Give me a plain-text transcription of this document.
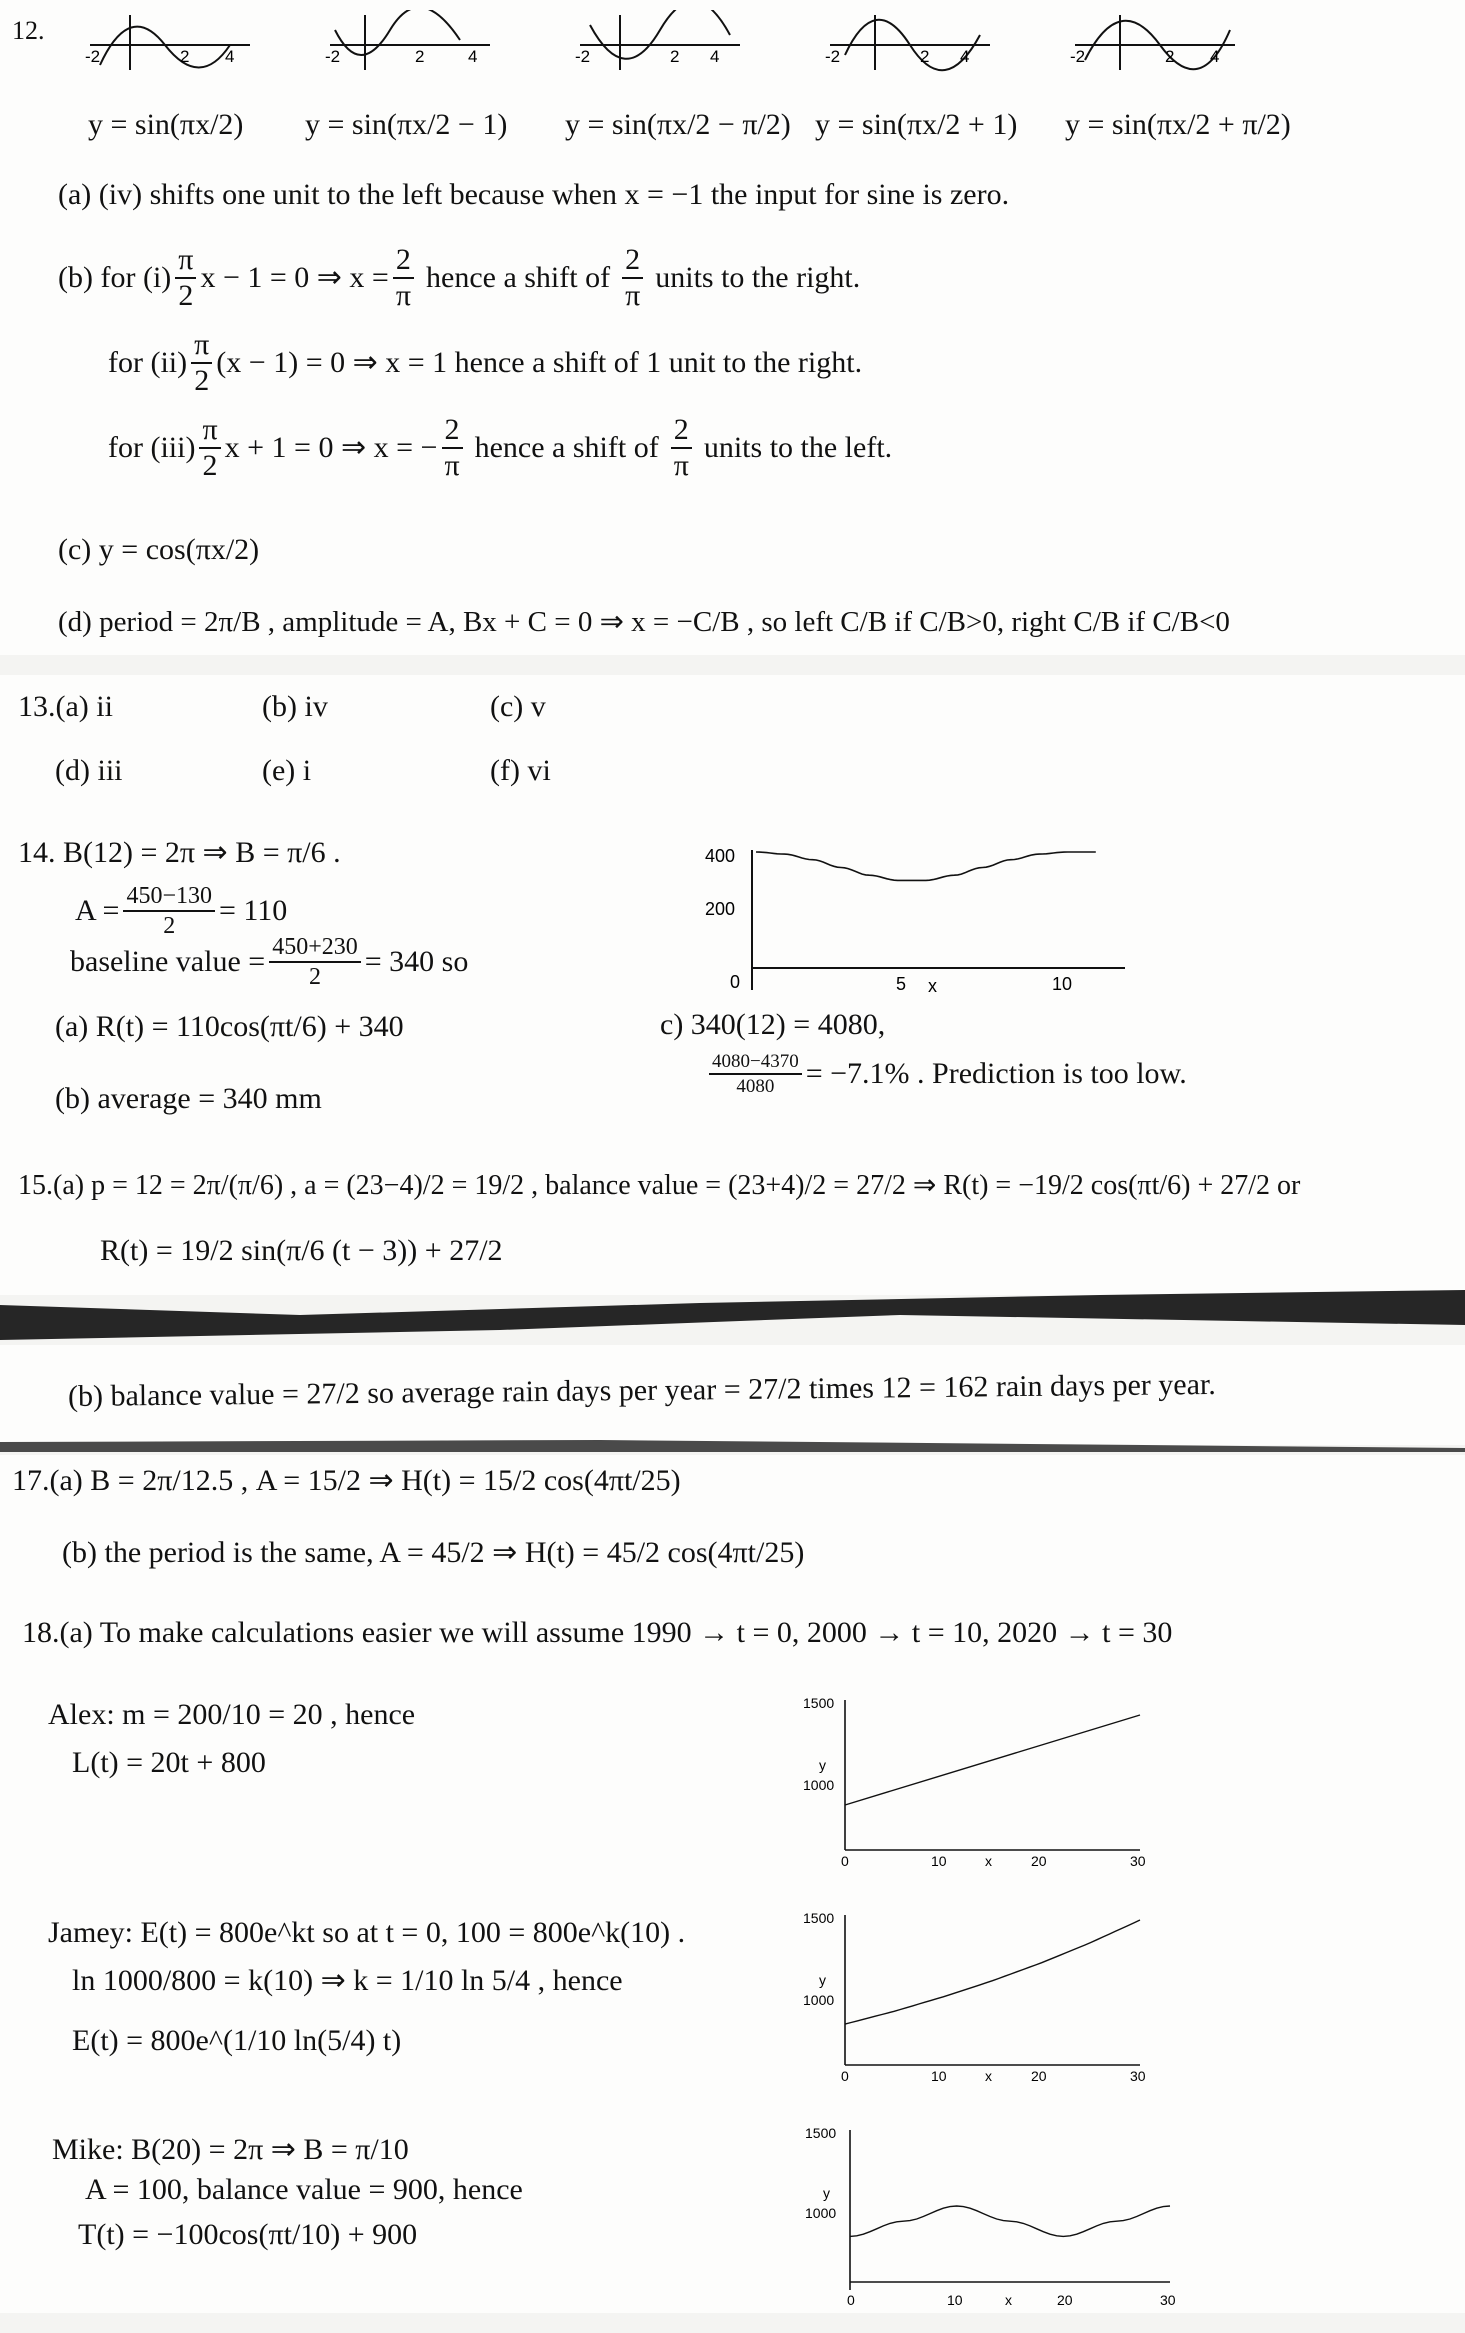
12.
-2	2 4	-2	2	4	-2	2 4	-2	2 4	-2	2 4
y = sin(πx/2) y = sin(πx/2 − 1) y = sin(πx/2 − π/2) y = sin(πx/2 + 1) y = sin(πx/2 + π/2)
(a) (iv) shifts one unit to the left because when x = −1 the input for sine is zero.
(b) for $(i) \frac{\pi}{2}$ x − 1 = 0 ⇒ $x = \frac{2}{\pi}$ hence a shift of $\frac{2}{\pi}$ units to the right.
for $(ii) \frac{\pi}{2} (x - 1) = 0$ ⇒ x = 1 hence a shift of 1 unit to the right.
for $(iii) \frac{\pi}{2}$ x + 1 = 0 ⇒ x = − $\frac{2}{\pi}$ hence a shift of $\frac{2}{\pi}$ units to the left.
(c) y = cos(πx/2)
(d) period = 2π/B , amplitude = A, Bx + C = 0 ⇒ x = −C/B , so left C/B if C/B>0, right C/B if C/B<0
13.(a) ii	(b) iv	(c) v
(d) iii	(e) i	(f) vi
14. B(12) = 2π ⇒ B = π/6 .
$A = \frac{450-130}{2} = 110$
baseline value = $\frac{450+230}{2} = 340$ so
(a) R(t) = 110cos(πt/6) + 340
(b) average = 340 mm
c) 340(12) = 4080,
$\frac{4080-4370}{4080} = -7.1\%$ . Prediction is too low.
400
200
0	5 x	10
15.(a) p = 12 = 2π/(π/6) , a = (23−4)/2 = 19/2 , balance value = (23+4)/2 = 27/2 ⇒ R(t) = −19/2 cos(πt/6) + 27/2 or
R(t) = 19/2 sin(π/6 (t − 3)) + 27/2
(b) balance value = 27/2 so average rain days per year = 27/2 times 12 = 162 rain days per year.
17.(a) B = 2π/12.5 , A = 15/2 ⇒ H(t) = 15/2 cos(4πt/25)
(b) the period is the same, A = 45/2 ⇒ H(t) = 45/2 cos(4πt/25)
18.(a) To make calculations easier we will assume 1990 → t = 0, 2000 → t = 10, 2020 → t = 30
Alex: m = 200/10 = 20 , hence
L(t) = 20t + 800
Jamey: E(t) = 800e^kt so at t = 0, 100 = 800e^k(10) .
ln 1000/800 = k(10) ⇒ k = 1/10 ln 5/4 , hence
E(t) = 800e^(1/10 ln(5/4) t)
Mike: B(20) = 2π ⇒ B = π/10
A = 100, balance value = 900, hence
T(t) = −100cos(πt/10) + 900
1500
y
1000
0	10	x	20	30
1500
y
1000
0	10	x	20	30
1500
y
1000
0	10	x	20	30
